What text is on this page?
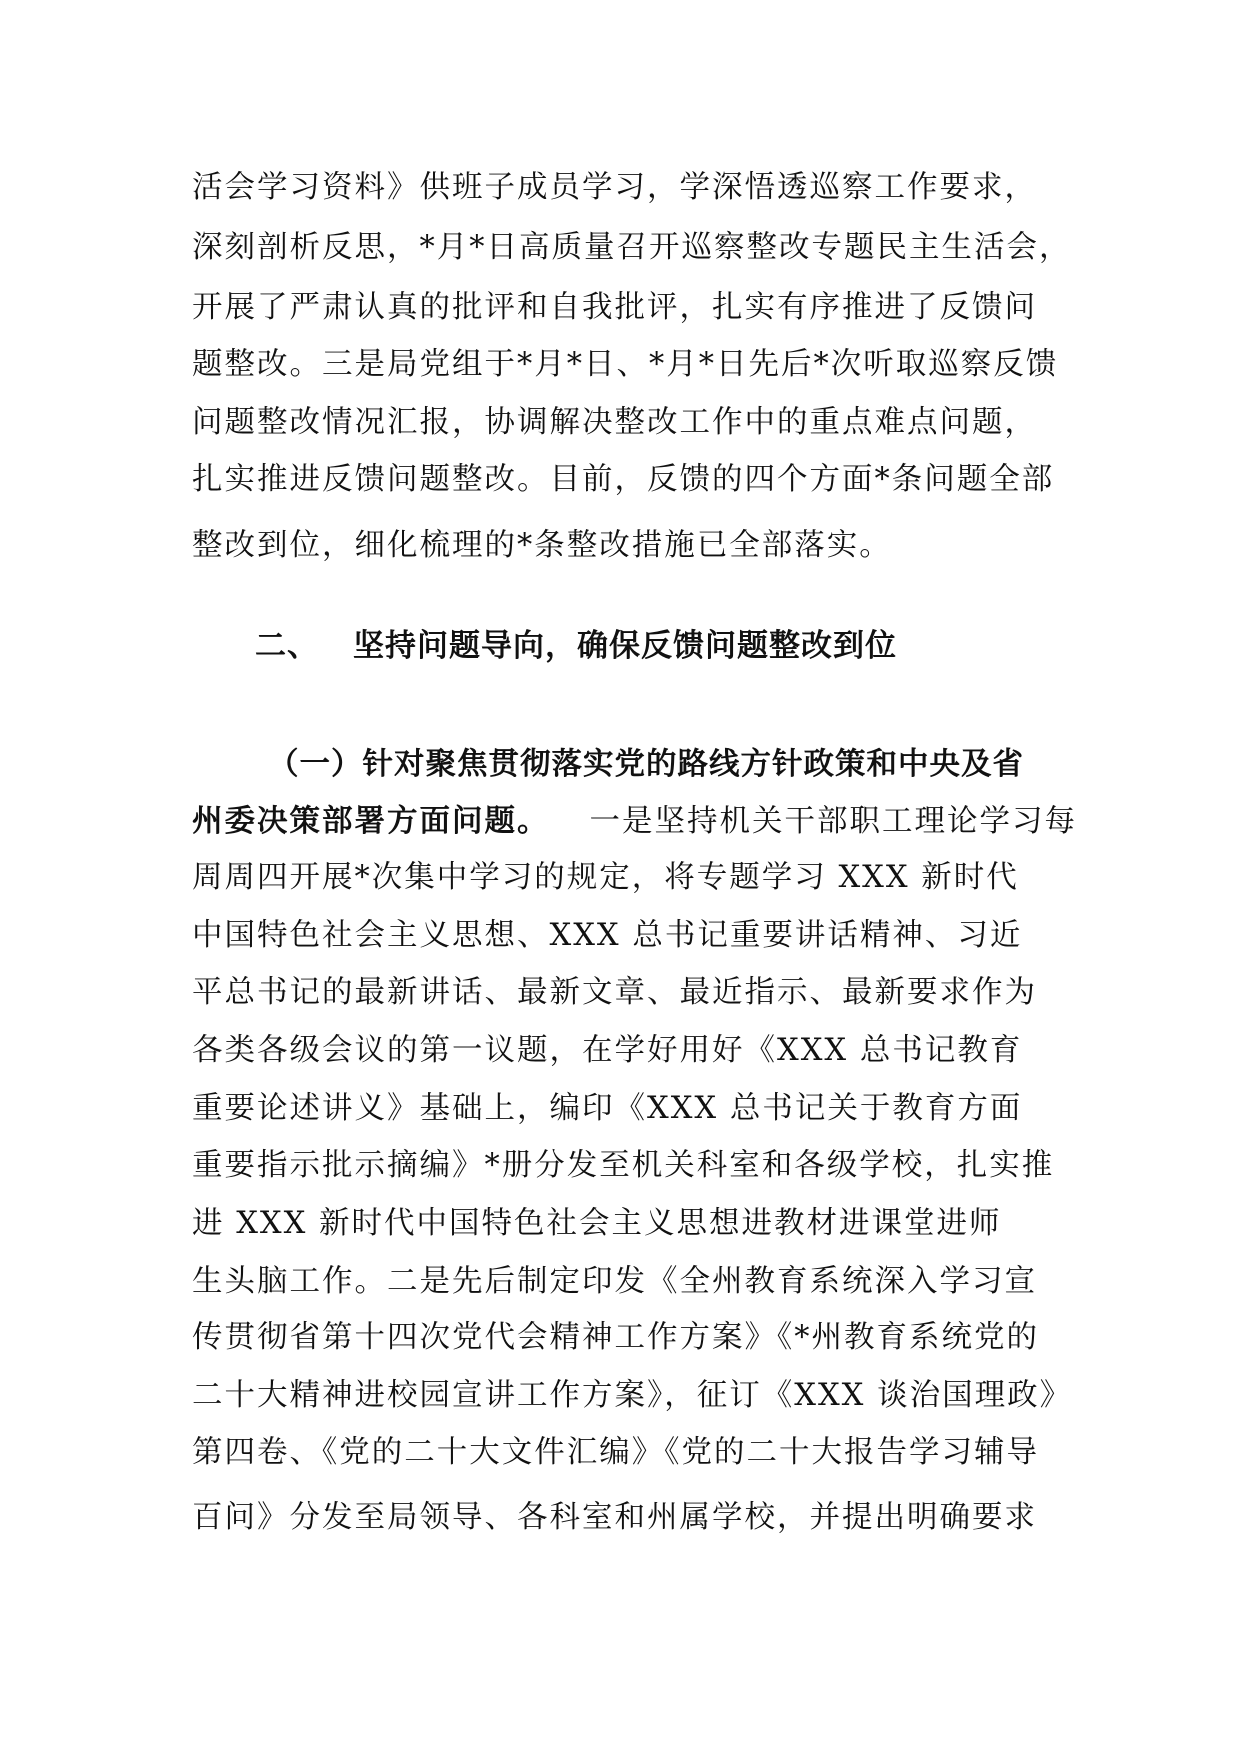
活会学习资料》供班子成员学习，学深悟透巡察工作要求，
深刻剖析反思，*月*日高质量召开巡察整改专题民主生活会，
开展了严肃认真的批评和自我批评，扎实有序推进了反馈问
题整改。三是局党组于*月*日、*月*日先后*次听取巡察反馈
问题整改情况汇报，协调解决整改工作中的重点难点问题，
扎实推进反馈问题整改。目前，反馈的四个方面*条问题全部
整改到位，细化梳理的*条整改措施已全部落实。
二、 坚持问题导向，确保反馈问题整改到位
（一）针对聚焦贯彻落实党的路线方针政策和中央及省
州委决策部署方面问题。 一是坚持机关干部职工理论学习每
周周四开展*次集中学习的规定，将专题学习 XXX 新时代
中国特色社会主义思想、XXX 总书记重要讲话精神、习近
平总书记的最新讲话、最新文章、最近指示、最新要求作为
各类各级会议的第一议题，在学好用好《XXX 总书记教育
重要论述讲义》基础上，编印《XXX 总书记关于教育方面
重要指示批示摘编》*册分发至机关科室和各级学校，扎实推
进 XXX 新时代中国特色社会主义思想进教材进课堂进师
生头脑工作。二是先后制定印发《全州教育系统深入学习宣
传贯彻省第十四次党代会精神工作方案》《*州教育系统党的
二十大精神进校园宣讲工作方案》，征订《XXX 谈治国理政》
第四卷、《党的二十大文件汇编》《党的二十大报告学习辅导
百问》分发至局领导、各科室和州属学校，并提出明确要求
